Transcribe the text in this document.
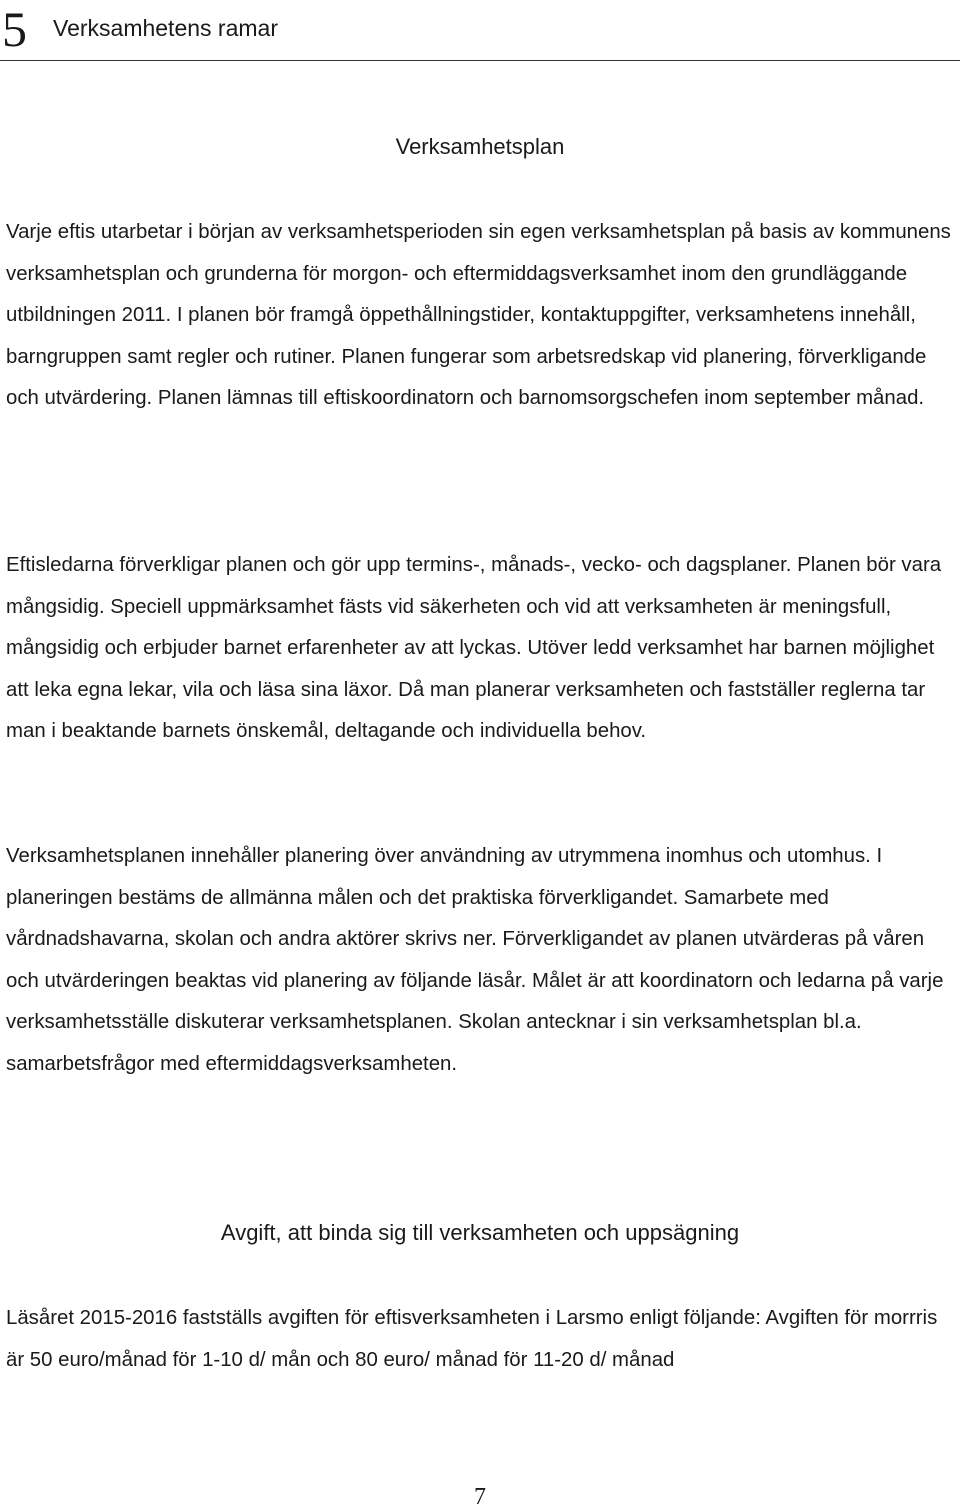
5 Verksamhetens ramar
Verksamhetsplan

Varje eftis utarbetar i början av verksamhetsperioden sin egen verksamhetsplan på basis av kommunens verksamhetsplan och grunderna för morgon- och eftermiddagsverksamhet inom den grundläggande utbildningen 2011. I planen bör framgå öppethållningstider, kontaktuppgifter, verksamhetens innehåll, barngruppen samt regler och rutiner. Planen fungerar som arbetsredskap vid planering, förverkligande och utvärdering. Planen lämnas till eftiskoordinatorn och barnomsorgschefen inom september månad.

Eftisledarna förverkligar planen och gör upp termins-, månads-, vecko- och dagsplaner. Planen bör vara mångsidig. Speciell uppmärksamhet fästs vid säkerheten och vid att verksamheten är meningsfull, mångsidig och erbjuder barnet erfarenheter av att lyckas. Utöver ledd verksamhet har barnen möjlighet att leka egna lekar, vila och läsa sina läxor. Då man planerar verksamheten och fastställer reglerna tar man i beaktande barnets önskemål, deltagande och individuella behov.

Verksamhetsplanen innehåller planering över användning av utrymmena inomhus och utomhus. I planeringen bestäms de allmänna målen och det praktiska förverkligandet. Samarbete med vårdnadshavarna, skolan och andra aktörer skrivs ner. Förverkligandet av planen utvärderas på våren och utvärderingen beaktas vid planering av följande läsår. Målet är att koordinatorn och ledarna på varje verksamhetsställe diskuterar verksamhetsplanen. Skolan antecknar i sin verksamhetsplan bl.a. samarbetsfrågor med eftermiddagsverksamheten.

Avgift, att binda sig till verksamheten och uppsägning

Läsåret 2015-2016 fastställs avgiften för eftisverksamheten i Larsmo enligt följande: Avgiften för morrris är 50 euro/månad för 1-10 d/ mån och 80 euro/ månad för 11-20 d/ månad

7
